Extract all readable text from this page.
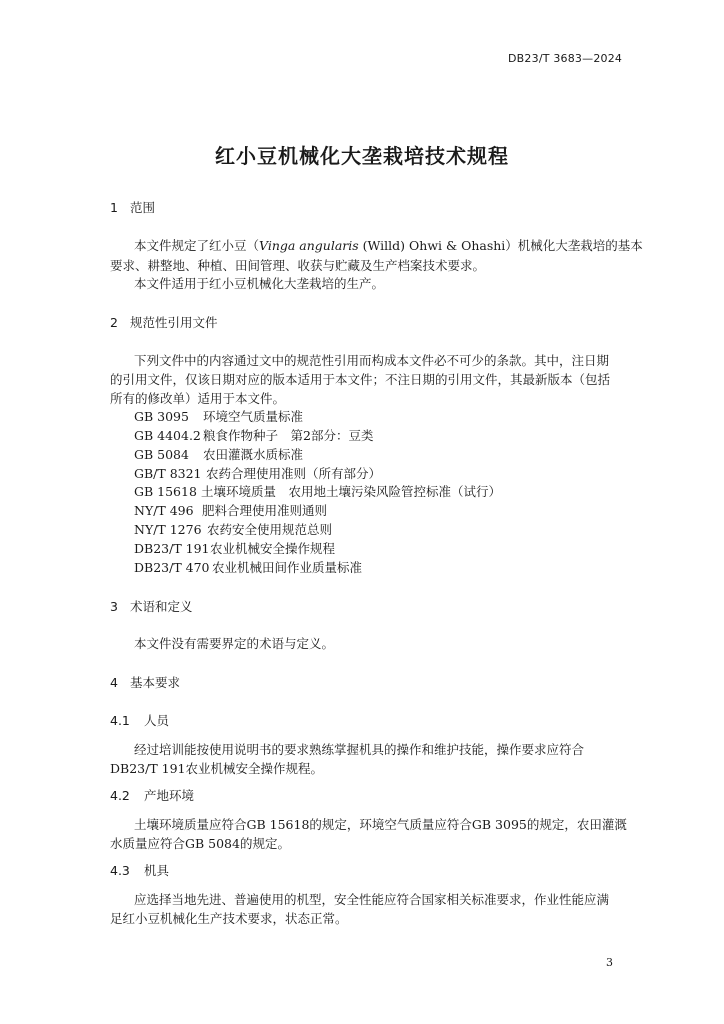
DB23/T 3683—2024
红小豆机械化大垄栽培技术规程
1 范围
本文件规定了红小豆（Vinga angularis (Willd) Ohwi & Ohashi）机械化大垄栽培的基本
要求、耕整地、种植、田间管理、收获与贮藏及生产档案技术要求。
本文件适用于红小豆机械化大垄栽培的生产。
2 规范性引用文件
下列文件中的内容通过文中的规范性引用而构成本文件必不可少的条款。其中，注日期
的引用文件，仅该日期对应的版本适用于本文件；不注日期的引用文件，其最新版本（包括
所有的修改单）适用于本文件。
GB 3095 环境空气质量标准
GB 4404.2 粮食作物种子　第2部分：豆类
GB 5084 农田灌溉水质标准
GB/T 8321 农药合理使用准则（所有部分）
GB 15618 土壤环境质量　农用地土壤污染风险管控标准（试行）
NY/T 496 肥料合理使用准则通则
NY/T 1276 农药安全使用规范总则
DB23/T 191农业机械安全操作规程
DB23/T 470 农业机械田间作业质量标准
3 术语和定义
本文件没有需要界定的术语与定义。
4 基本要求
4.1 人员
经过培训能按使用说明书的要求熟练掌握机具的操作和维护技能，操作要求应符合
DB23/T 191农业机械安全操作规程。
4.2 产地环境
土壤环境质量应符合GB 15618的规定，环境空气质量应符合GB 3095的规定，农田灌溉
水质量应符合GB 5084的规定。
4.3 机具
应选择当地先进、普遍使用的机型，安全性能应符合国家相关标准要求，作业性能应满
足红小豆机械化生产技术要求，状态正常。
3
